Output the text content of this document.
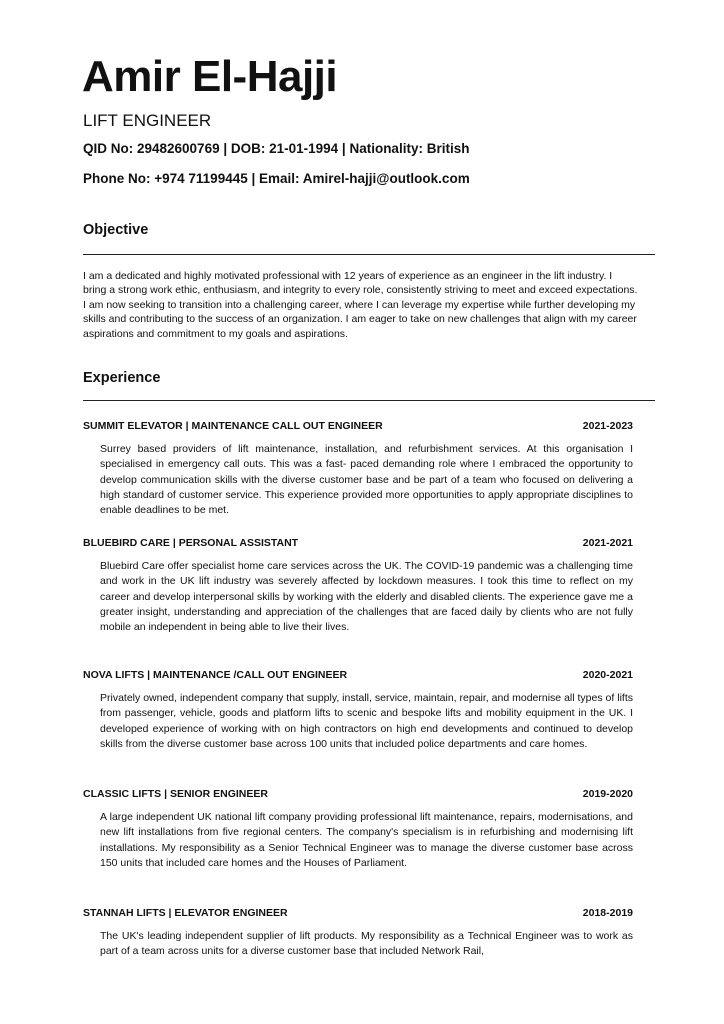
Amir El-Hajji
LIFT ENGINEER
QID No: 29482600769 | DOB: 21-01-1994 | Nationality: British
Phone No: +974 71199445 | Email: Amirel-hajji@outlook.com
Objective

I am a dedicated and highly motivated professional with 12 years of experience as an engineer in the lift industry. I bring a strong work ethic, enthusiasm, and integrity to every role, consistently striving to meet and exceed expectations. I am now seeking to transition into a challenging career, where I can leverage my expertise while further developing my skills and contributing to the success of an organization. I am eager to take on new challenges that align with my career aspirations and commitment to my goals and aspirations.

Experience
SUMMIT ELEVATOR | MAINTENANCE CALL OUT ENGINEER	2021-2023
Surrey based providers of lift maintenance, installation, and refurbishment services. At this organisation I specialised in emergency call outs. This was a fast- paced demanding role where I embraced the opportunity to develop communication skills with the diverse customer base and be part of a team who focused on delivering a high standard of customer service. This experience provided more opportunities to apply appropriate disciplines to enable deadlines to be met.
BLUEBIRD CARE | PERSONAL ASSISTANT	2021-2021
Bluebird Care offer specialist home care services across the UK. The COVID-19 pandemic was a challenging time and work in the UK lift industry was severely affected by lockdown measures. I took this time to reflect on my career and develop interpersonal skills by working with the elderly and disabled clients. The experience gave me a greater insight, understanding and appreciation of the challenges that are faced daily by clients who are not fully mobile an independent in being able to live their lives.
NOVA LIFTS | MAINTENANCE /CALL OUT ENGINEER	2020-2021
Privately owned, independent company that supply, install, service, maintain, repair, and modernise all types of lifts from passenger, vehicle, goods and platform lifts to scenic and bespoke lifts and mobility equipment in the UK. I developed experience of working with on high contractors on high end developments and continued to develop skills from the diverse customer base across 100 units that included police departments and care homes.
CLASSIC LIFTS | SENIOR ENGINEER	2019-2020
A large independent UK national lift company providing professional lift maintenance, repairs, modernisations, and new lift installations from five regional centers. The company's specialism is in refurbishing and modernising lift installations. My responsibility as a Senior Technical Engineer was to manage the diverse customer base across 150 units that included care homes and the Houses of Parliament.
STANNAH LIFTS | ELEVATOR ENGINEER	2018-2019
The UK's leading independent supplier of lift products. My responsibility as a Technical Engineer was to work as part of a team across units for a diverse customer base that included Network Rail,
